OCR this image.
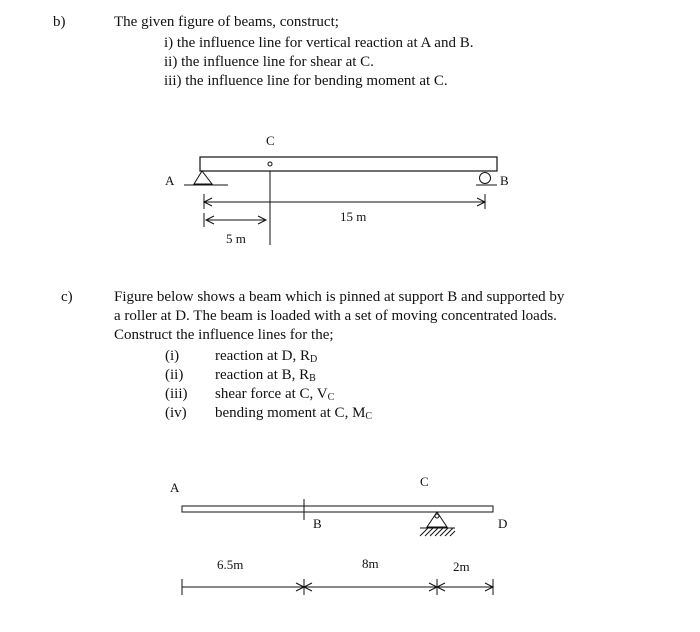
b)	The given figure of beams, construct;
i) the influence line for vertical reaction at A and B.
ii) the influence line for shear at C.
iii) the influence line for bending moment at C.
C
A	B
15 m
5 m
c)	Figure below shows a beam which is pinned at support B and supported by
a roller at D. The beam is loaded with a set of moving concentrated loads.
Construct the influence lines for the;
(i) reaction at D, $R_D$
(ii) reaction at B, $R_B$
(iii) shear force at C, $V_C$
(iv) bending moment at C, $M_C$
A	C
B	D
6.5m	8m	2m
